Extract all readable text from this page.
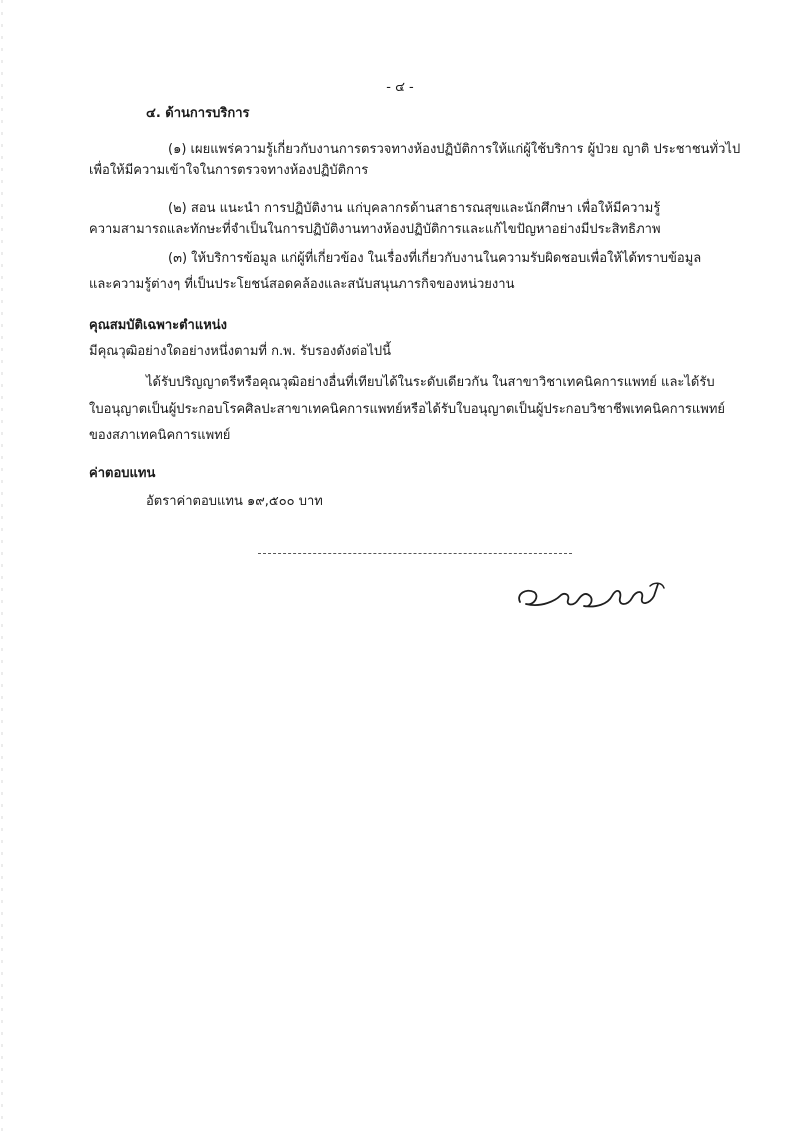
- ๔ -

๔. ด้านการบริการ

(๑) เผยแพร่ความรู้เกี่ยวกับงานการตรวจทางห้องปฏิบัติการให้แก่ผู้ใช้บริการ ผู้ป่วย ญาติ ประชาชนทั่วไป

เพื่อให้มีความเข้าใจในการตรวจทางห้องปฏิบัติการ

(๒) สอน แนะนำ การปฏิบัติงาน แก่บุคลากรด้านสาธารณสุขและนักศึกษา เพื่อให้มีความรู้

ความสามารถและทักษะที่จำเป็นในการปฏิบัติงานทางห้องปฏิบัติการและแก้ไขปัญหาอย่างมีประสิทธิภาพ

(๓) ให้บริการข้อมูล แก่ผู้ที่เกี่ยวข้อง ในเรื่องที่เกี่ยวกับงานในความรับผิดชอบเพื่อให้ได้ทราบข้อมูล

และความรู้ต่างๆ ที่เป็นประโยชน์สอดคล้องและสนับสนุนภารกิจของหน่วยงาน

คุณสมบัติเฉพาะตำแหน่ง

มีคุณวุฒิอย่างใดอย่างหนึ่งตามที่ ก.พ. รับรองดังต่อไปนี้

ได้รับปริญญาตรีหรือคุณวุฒิอย่างอื่นที่เทียบได้ในระดับเดียวกัน ในสาขาวิชาเทคนิคการแพทย์ และได้รับ

ใบอนุญาตเป็นผู้ประกอบโรคศิลปะสาขาเทคนิคการแพทย์หรือได้รับใบอนุญาตเป็นผู้ประกอบวิชาชีพเทคนิคการแพทย์

ของสภาเทคนิคการแพทย์

ค่าตอบแทน

อัตราค่าตอบแทน ๑๙,๕๐๐ บาท
